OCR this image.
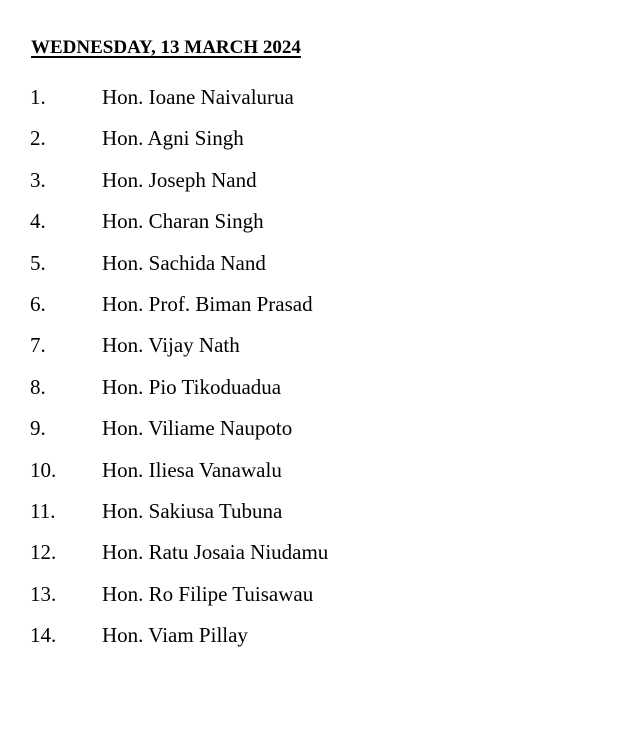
WEDNESDAY, 13 MARCH 2024
1.	Hon. Ioane Naivalurua
2.	Hon. Agni Singh
3.	Hon. Joseph Nand
4.	Hon. Charan Singh
5.	Hon. Sachida Nand
6.	Hon. Prof. Biman Prasad
7.	Hon. Vijay Nath
8.	Hon. Pio Tikoduadua
9.	Hon. Viliame Naupoto
10.	Hon. Iliesa Vanawalu
11.	Hon. Sakiusa Tubuna
12.	Hon. Ratu Josaia Niudamu
13.	Hon. Ro Filipe Tuisawau
14.	Hon. Viam Pillay
